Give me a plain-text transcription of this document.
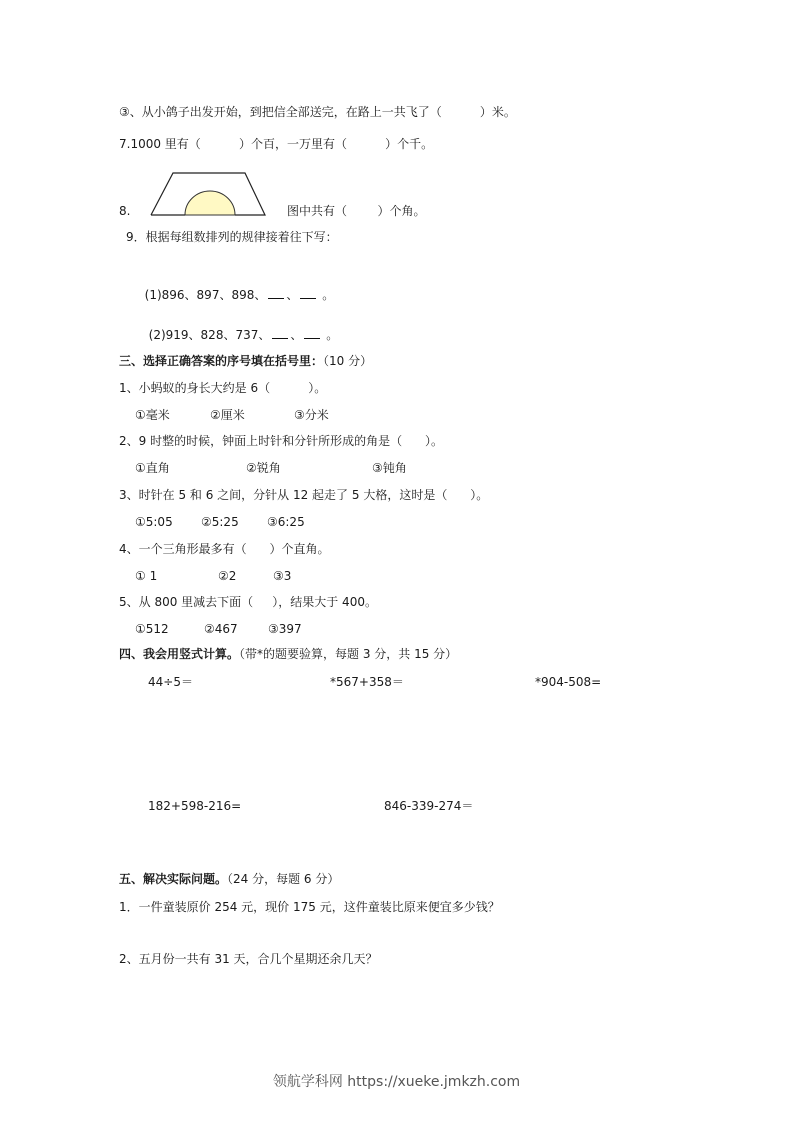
③、从小鸽子出发开始，到把信全部送完，在路上一共飞了（          ）米。
7.1000 里有（          ）个百，一万里有（          ）个千。
8.	图中共有（        ）个角。
9．根据每组数排列的规律接着往下写：

(1)896、897、898、 、 。

(2)919、828、737、 、 。

三、选择正确答案的序号填在括号里：（10 分）
1、小蚂蚁的身长大约是 6（          ）。
①毫米	②厘米	③分米
2、9 时整的时候，钟面上时针和分针所形成的角是（      ）。
①直角	②锐角	③钝角
3、时针在 5 和 6 之间，分针从 12 起走了 5 大格，这时是（      ）。
①5:05 ②5:25 ③6:25
4、一个三角形最多有（      ）个直角。
① 1	②2	③3
5、从 800 里减去下面（     ），结果大于 400。
①512	②467	③397
四、我会用竖式计算。（带*的题要验算，每题 3 分，共 15 分）
44÷5＝	*567+358＝	*904-508=
182+598-216=	846-339-274＝
五、解决实际问题。（24 分，每题 6 分）
1．一件童装原价 254 元，现价 175 元，这件童装比原来便宜多少钱？
2、五月份一共有 31 天，合几个星期还余几天？
领航学科网 https://xueke.jmkzh.com
